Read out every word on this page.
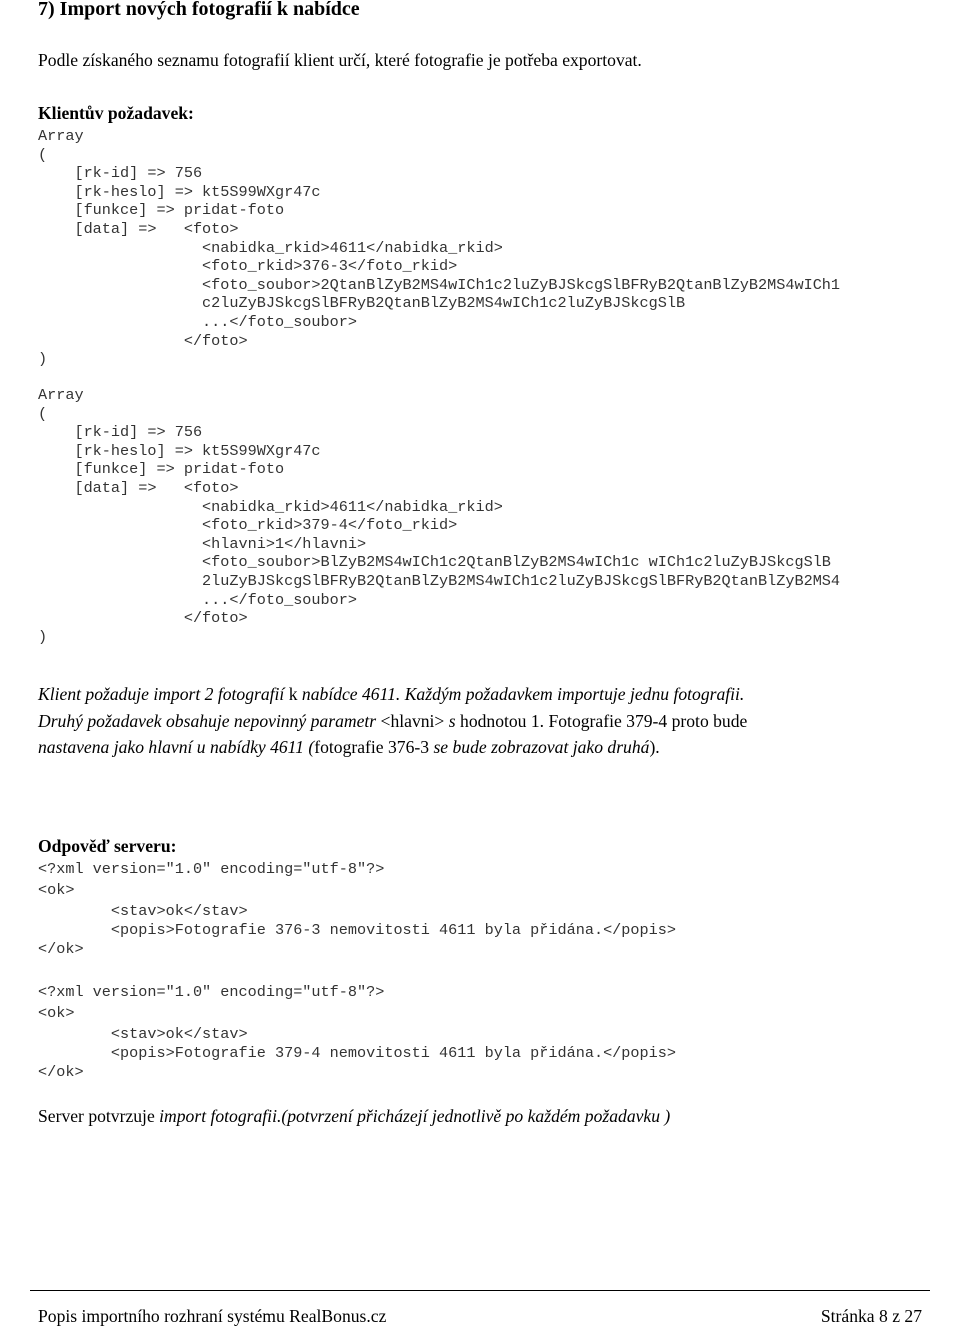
7) Import nových fotografií k nabídce
Podle získaného seznamu fotografií klient určí, které fotografie je potřeba exportovat.
Klientův požadavek:

Array

(

[rk-id] => 756

[rk-heslo] => kt5S99WXgr47c

[funkce] => pridat-foto

[data] =>   <foto>

<nabidka_rkid>4611</nabidka_rkid>

<foto_rkid>376-3</foto_rkid>

<foto_soubor>2QtanBlZyB2MS4wICh1c2luZyBJSkcgSlBFRyB2QtanBlZyB2MS4wICh1

c2luZyBJSkcgSlBFRyB2QtanBlZyB2MS4wICh1c2luZyBJSkcgSlB

...</foto_soubor>

</foto>

)

Array

(

[rk-id] => 756

[rk-heslo] => kt5S99WXgr47c

[funkce] => pridat-foto

[data] =>   <foto>

<nabidka_rkid>4611</nabidka_rkid>

<foto_rkid>379-4</foto_rkid>

<hlavni>1</hlavni>

<foto_soubor>BlZyB2MS4wICh1c2QtanBlZyB2MS4wICh1c wICh1c2luZyBJSkcgSlB

2luZyBJSkcgSlBFRyB2QtanBlZyB2MS4wICh1c2luZyBJSkcgSlBFRyB2QtanBlZyB2MS4

...</foto_soubor>

</foto>

)

Klient požaduje import 2 fotografií k nabídce 4611. Každým požadavkem importuje jednu fotografii.
Druhý požadavek obsahuje nepovinný parametr <hlavni> s hodnotou 1. Fotografie 379-4 proto bude
nastavena jako hlavní u nabídky 4611 (fotografie 376-3 se bude zobrazovat jako druhá).
Odpověď serveru:

<?xml version="1.0" encoding="utf-8"?>

<ok>

<stav>ok</stav>

<popis>Fotografie 376-3 nemovitosti 4611 byla přidána.</popis>

</ok>

<?xml version="1.0" encoding="utf-8"?>

<ok>

<stav>ok</stav>

<popis>Fotografie 379-4 nemovitosti 4611 byla přidána.</popis>

</ok>

Server potvrzuje import fotografii.(potvrzení přicházejí jednotlivě po každém požadavku )
Popis importního rozhraní systému RealBonus.cz	Stránka 8 z 27
